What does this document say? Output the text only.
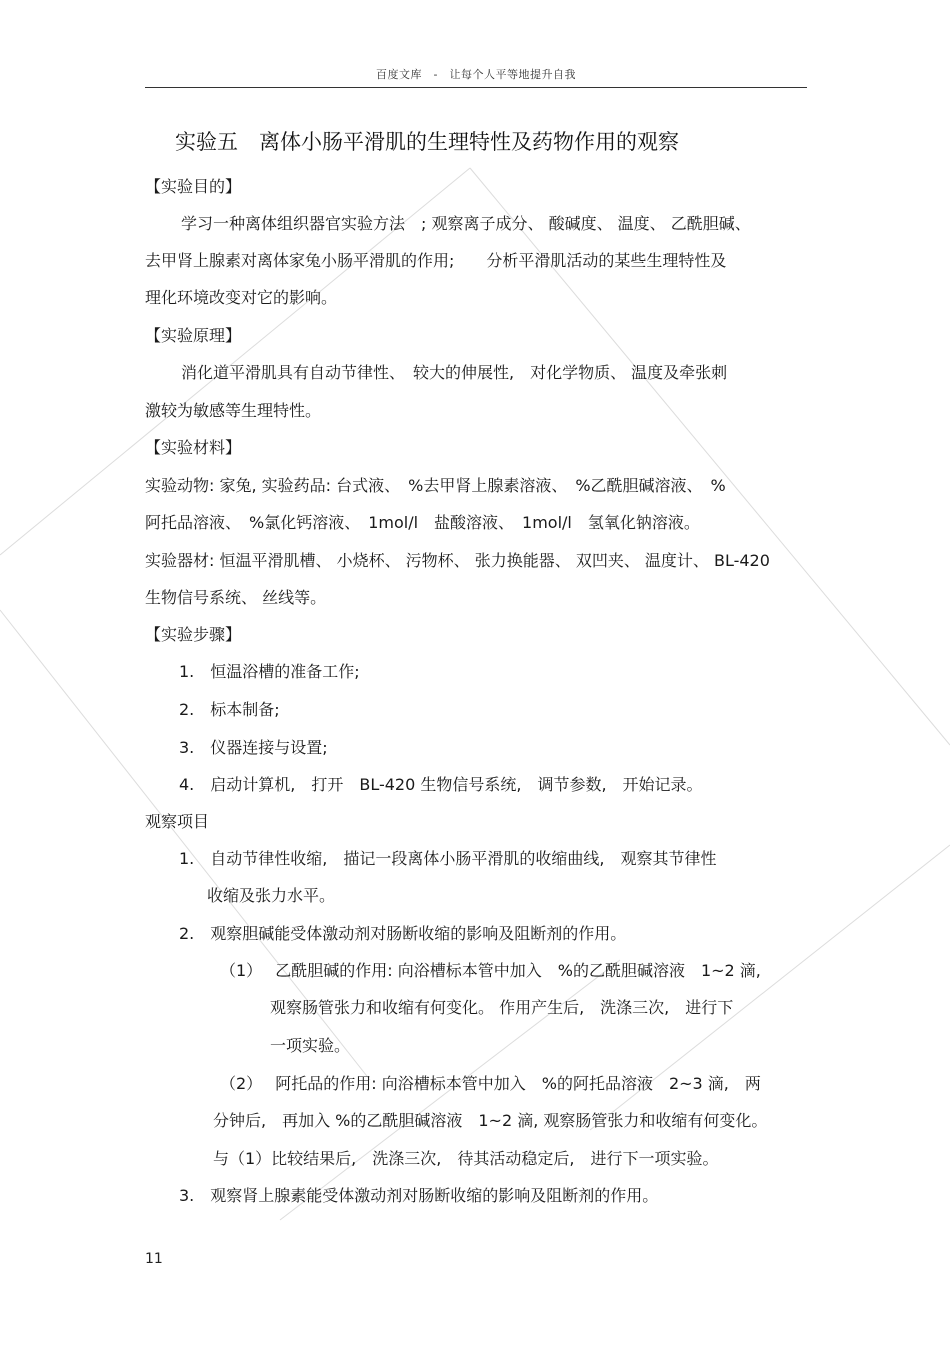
百度文库　-　让每个人平等地提升自我
实验五　离体小肠平滑肌的生理特性及药物作用的观察
【实验目的】
学习一种离体组织器官实验方法　; 观察离子成分、 酸碱度、 温度、 乙酰胆碱、
去甲肾上腺素对离体家兔小肠平滑肌的作用;　　分析平滑肌活动的某些生理特性及
理化环境改变对它的影响。
【实验原理】
消化道平滑肌具有自动节律性、　较大的伸展性,　对化学物质、 温度及牵张刺
激较为敏感等生理特性。
【实验材料】
实验动物: 家兔, 实验药品: 台式液、　%去甲肾上腺素溶液、　%乙酰胆碱溶液、　%
阿托品溶液、　%氯化钙溶液、　1mol/l　盐酸溶液、　1mol/l　氢氧化钠溶液。
实验器材: 恒温平滑肌槽、 小烧杯、 污物杯、 张力换能器、 双凹夹、 温度计、 BL-420
生物信号系统、 丝线等。
【实验步骤】
1.　恒温浴槽的准备工作;
2.　标本制备;
3.　仪器连接与设置;
4.　启动计算机,　打开　BL-420 生物信号系统,　调节参数,　开始记录。
观察项目
1.　自动节律性收缩,　描记一段离体小肠平滑肌的收缩曲线,　观察其节律性
收缩及张力水平。
2.　观察胆碱能受体激动剂对肠断收缩的影响及阻断剂的作用。
（1）　 乙酰胆碱的作用: 向浴槽标本管中加入　%的乙酰胆碱溶液　1~2 滴,
观察肠管张力和收缩有何变化。 作用产生后,　洗涤三次,　进行下
一项实验。
（2）　 阿托品的作用: 向浴槽标本管中加入　%的阿托品溶液　2~3 滴,　两
分钟后,　再加入 %的乙酰胆碱溶液　1~2 滴, 观察肠管张力和收缩有何变化。
与（1）比较结果后,　洗涤三次,　待其活动稳定后,　进行下一项实验。
3.　观察肾上腺素能受体激动剂对肠断收缩的影响及阻断剂的作用。
11
